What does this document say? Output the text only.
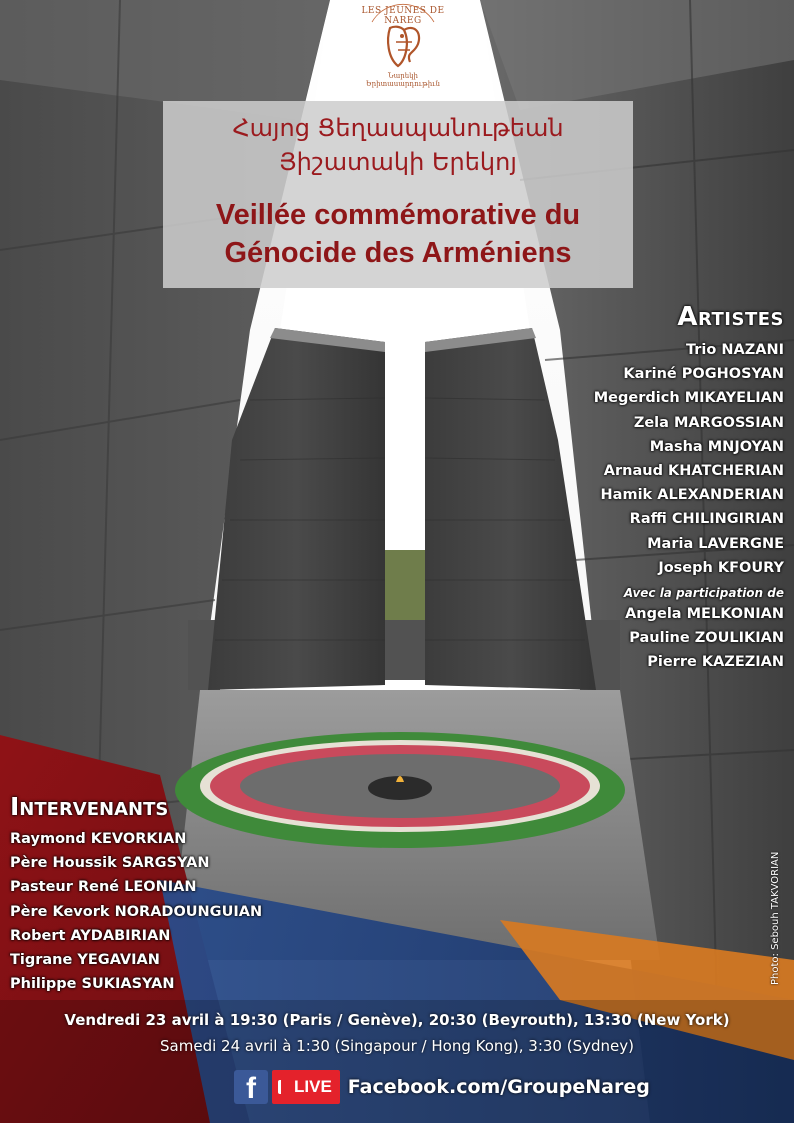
LES JEUNES DE NAREG
Նարեկի Երիտասարդութիւն
Հայոց Ցեղասպանութեան
Յիշատակի Երեկոյ
Veillée commémorative du
Génocide des Arméniens
Artistes
Trio NAZANI
Kariné POGHOSYAN
Megerdich MIKAYELIAN
Zela MARGOSSIAN
Masha MNJOYAN
Arnaud KHATCHERIAN
Hamik ALEXANDERIAN
Raffi CHILINGIRIAN
Maria LAVERGNE
Joseph KFOURY
Avec la participation de
Angela MELKONIAN
Pauline ZOULIKIAN
Pierre KAZEZIAN
Intervenants
Raymond KEVORKIAN
Père Houssik SARGSYAN
Pasteur René LEONIAN
Père Kevork NORADOUNGUIAN
Robert AYDABIRIAN
Tigrane YEGAVIAN
Philippe SUKIASYAN	Photo: Sebouh TAKVORIAN
Vendredi 23 avril à 19:30 (Paris / Genève), 20:30 (Beyrouth), 13:30 (New York)
Samedi 24 avril à 1:30 (Singapour / Hong Kong), 3:30 (Sydney)
f	LIVE Facebook.com/GroupeNareg
